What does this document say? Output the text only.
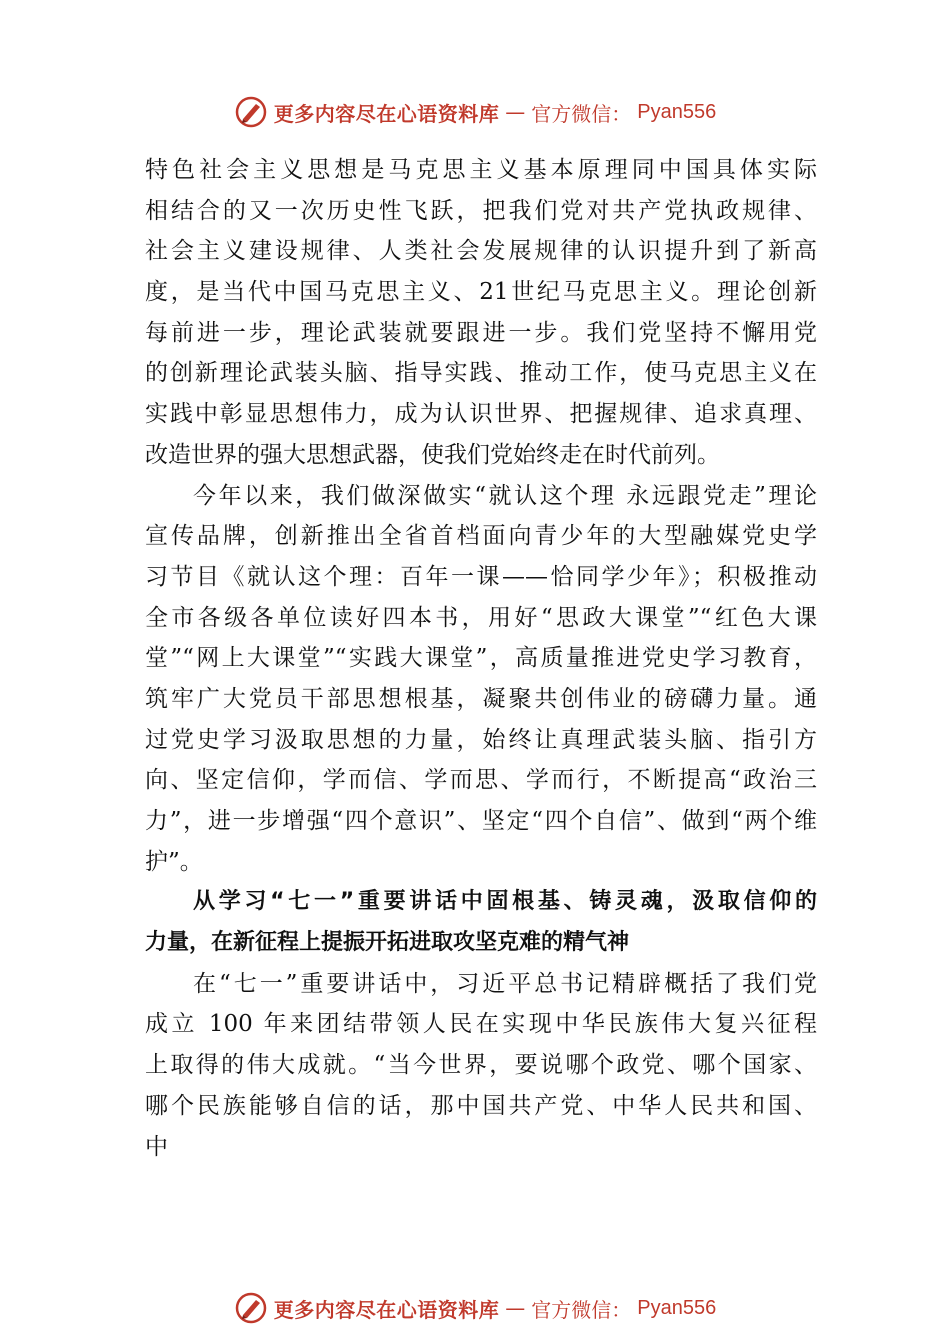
更多内容尽在心语资料库 — 官方微信： Pyan556
特色社会主义思想是马克思主义基本原理同中国具体实际
相结合的又一次历史性飞跃，把我们党对共产党执政规律、
社会主义建设规律、人类社会发展规律的认识提升到了新高
度，是当代中国马克思主义、21世纪马克思主义。理论创新
每前进一步，理论武装就要跟进一步。我们党坚持不懈用党
的创新理论武装头脑、指导实践、推动工作，使马克思主义在
实践中彰显思想伟力，成为认识世界、把握规律、追求真理、
改造世界的强大思想武器，使我们党始终走在时代前列。
今年以来，我们做深做实“就认这个理 永远跟党走”理论
宣传品牌，创新推出全省首档面向青少年的大型融媒党史学
习节目《就认这个理：百年一课——恰同学少年》；积极推动
全市各级各单位读好四本书，用好“思政大课堂”“红色大课
堂”“网上大课堂”“实践大课堂”，高质量推进党史学习教育，
筑牢广大党员干部思想根基，凝聚共创伟业的磅礴力量。通
过党史学习汲取思想的力量，始终让真理武装头脑、指引方
向、坚定信仰，学而信、学而思、学而行，不断提高“政治三
力”，进一步增强“四个意识”、坚定“四个自信”、做到“两个维
护”。
从学习“七一”重要讲话中固根基、铸灵魂，汲取信仰的
力量，在新征程上提振开拓进取攻坚克难的精气神
在“七一”重要讲话中，习近平总书记精辟概括了我们党
成立 100 年来团结带领人民在实现中华民族伟大复兴征程
上取得的伟大成就。“当今世界，要说哪个政党、哪个国家、
哪个民族能够自信的话，那中国共产党、中华人民共和国、
中
更多内容尽在心语资料库 — 官方微信： Pyan556
